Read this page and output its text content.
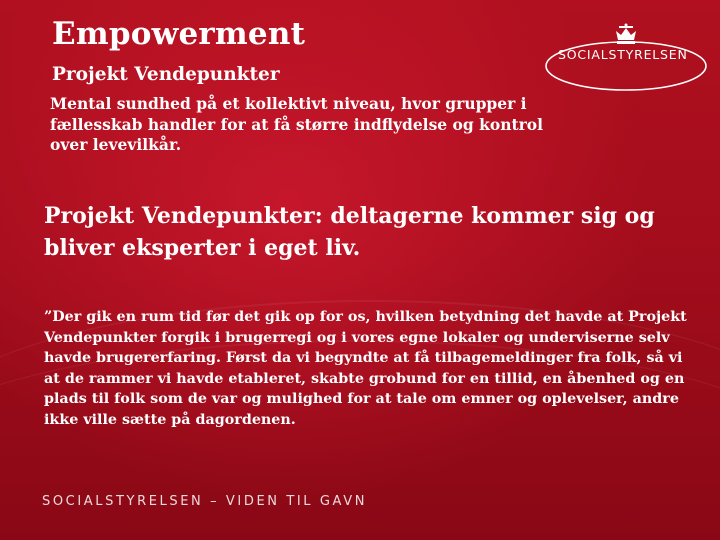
Empowerment
Projekt Vendepunkter
Mental sundhed på et kollektivt niveau, hvor grupper i fællesskab handler for at få større indflydelse og kontrol over levevilkår.
Projekt Vendepunkter: deltagerne kommer sig og bliver eksperter i eget liv.
”Der gik en rum tid før det gik op for os, hvilken betydning det havde at Projekt Vendepunkter forgik i brugerregi og i vores egne lokaler og underviserne selv havde brugererfaring. Først da vi begyndte at få tilbagemeldinger fra folk, så vi at de rammer vi havde etableret, skabte grobund for en tillid, en åbenhed og en plads til folk som de var og mulighed for at tale om emner og oplevelser, andre ikke ville sætte på dagordenen.
SOCIALSTYRELSEN
SOCIALSTYRELSEN – VIDEN TIL GAVN
